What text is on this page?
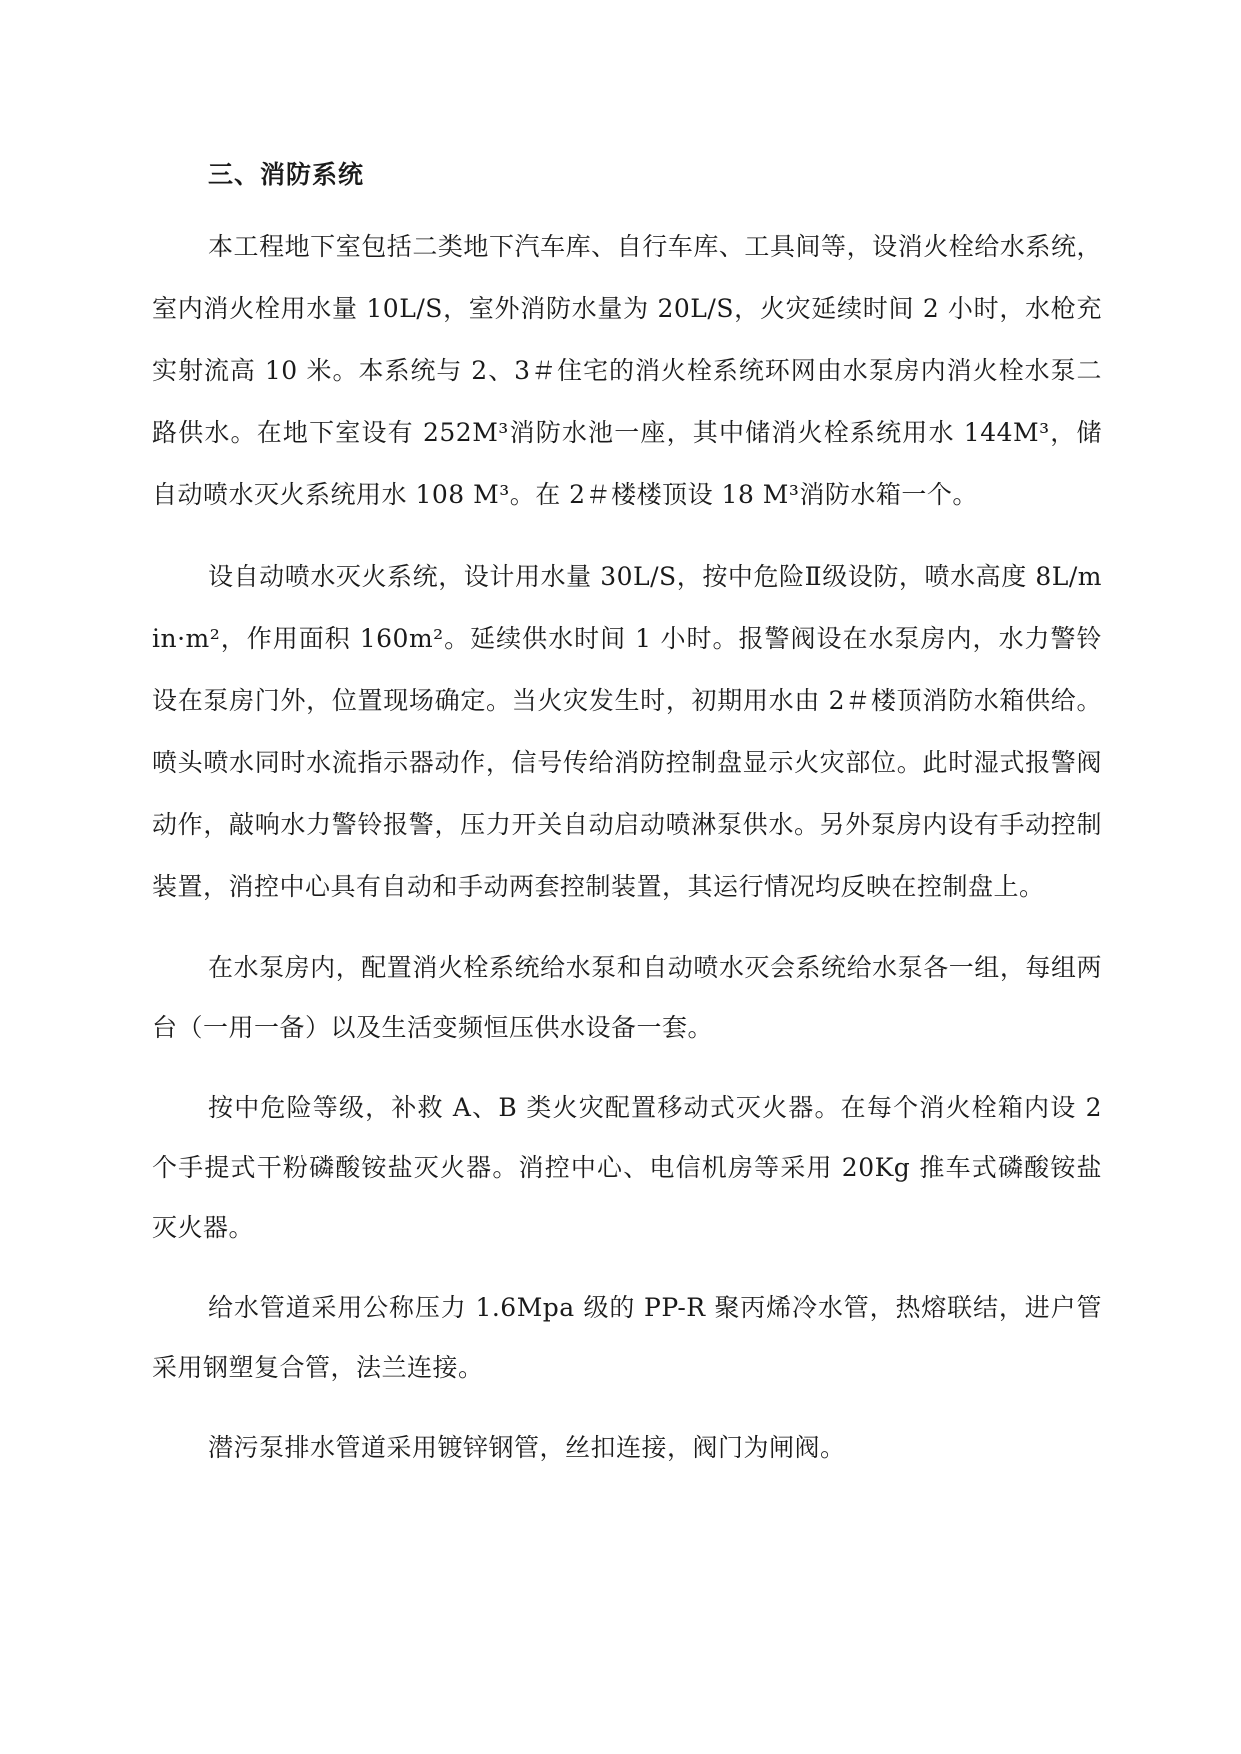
三、消防系统

本工程地下室包括二类地下汽车库、自行车库、工具间等，设消火栓给水系统，室内消火栓用水量 10L/S，室外消防水量为 20L/S，火灾延续时间 2 小时，水枪充实射流高 10 米。本系统与 2、3＃住宅的消火栓系统环网由水泵房内消火栓水泵二路供水。在地下室设有 252M³消防水池一座，其中储消火栓系统用水 144M³，储自动喷水灭火系统用水 108 M³。在 2＃楼楼顶设 18 M³消防水箱一个。

设自动喷水灭火系统，设计用水量 30L/S，按中危险Ⅱ级设防，喷水高度 8L/min·m²，作用面积 160m²。延续供水时间 1 小时。报警阀设在水泵房内，水力警铃设在泵房门外，位置现场确定。当火灾发生时，初期用水由 2＃楼顶消防水箱供给。喷头喷水同时水流指示器动作，信号传给消防控制盘显示火灾部位。此时湿式报警阀动作，敲响水力警铃报警，压力开关自动启动喷淋泵供水。另外泵房内设有手动控制装置，消控中心具有自动和手动两套控制装置，其运行情况均反映在控制盘上。

在水泵房内，配置消火栓系统给水泵和自动喷水灭会系统给水泵各一组，每组两台（一用一备）以及生活变频恒压供水设备一套。

按中危险等级，补救 A、B 类火灾配置移动式灭火器。在每个消火栓箱内设 2 个手提式干粉磷酸铵盐灭火器。消控中心、电信机房等采用 20Kg 推车式磷酸铵盐灭火器。

给水管道采用公称压力 1.6Mpa 级的 PP-R 聚丙烯冷水管，热熔联结，进户管采用钢塑复合管，法兰连接。

潜污泵排水管道采用镀锌钢管，丝扣连接，阀门为闸阀。
